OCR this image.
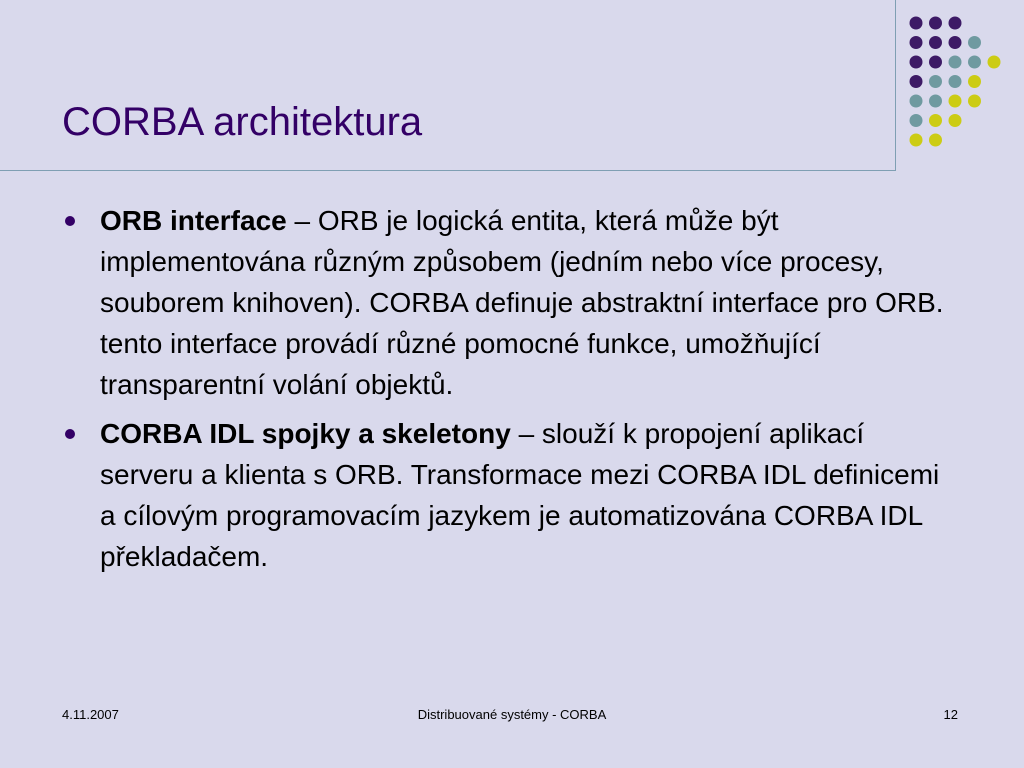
CORBA architektura
ORB interface – ORB je logická entita, která může být implementována různým způsobem (jedním nebo více procesy, souborem knihoven). CORBA definuje abstraktní interface pro ORB. tento interface provádí různé pomocné funkce, umožňující transparentní volání objektů.
CORBA IDL spojky a skeletony – slouží k propojení aplikací serveru a klienta s ORB. Transformace mezi CORBA IDL definicemi a cílovým programovacím jazykem je automatizována CORBA IDL překladačem.
4.11.2007	Distribuované systémy - CORBA	12
